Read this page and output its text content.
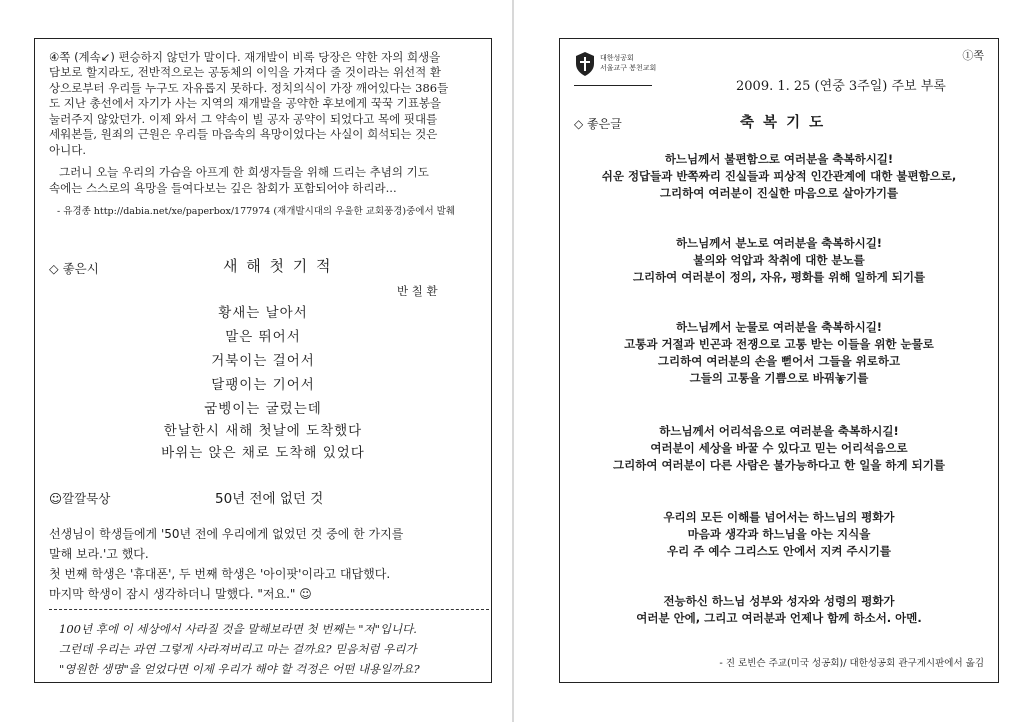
④쪽 (계속↙) 편승하지 않던가 말이다. 재개발이 비록 당장은 약한 자의 희생을
담보로 할지라도, 전반적으로는 공동체의 이익을 가져다 줄 것이라는 위선적 환
상으로부터 우리들 누구도 자유롭지 못하다. 정치의식이 가장 깨어있다는 386들
도 지난 총선에서 자기가 사는 지역의 재개발을 공약한 후보에게 꾹꾹 기표봉을
눌러주지 않았던가. 이제 와서 그 약속이 빌 공자 공약이 되었다고 목에 핏대를
세워본들, 원죄의 근원은 우리들 마음속의 욕망이었다는 사실이 희석되는 것은
아니다.
그러니 오늘 우리의 가슴을 아프게 한 희생자들을 위해 드리는 추념의 기도
속에는 스스로의 욕망을 들여다보는 깊은 참회가 포함되어야 하리라...
- 유경종 http://dabia.net/xe/paperbox/177974 (재개발시대의 우울한 교회풍경)중에서 발췌
◇ 좋은시	새 해 첫 기 적
반 칠 환
황새는 날아서
말은 뛰어서
거북이는 걸어서
달팽이는 기어서
굼벵이는 굴렀는데
한날한시 새해 첫날에 도착했다
바위는 앉은 채로 도착해 있었다
☺깔깔묵상	50년 전에 없던 것
선생님이 학생들에게 '50년 전에 우리에게 없었던 것 중에 한 가지를
말해 보라.'고 했다.
첫 번째 학생은 '휴대폰', 두 번째 학생은 '아이팟'이라고 대답했다.
마지막 학생이 잠시 생각하더니 말했다. "저요." ☺
100년 후에 이 세상에서 사라질 것을 말해보라면 첫 번째는 "저"입니다.
그런데 우리는 과연 그렇게 사라져버리고 마는 걸까요? 믿음처럼 우리가
"영원한 생명"을 얻었다면 이제 우리가 해야 할 걱정은 어떤 내용일까요?
①쪽
대한성공회
서울교구 봉천교회
2009. 1. 25 (연중 3주일) 주보 부록
◇ 좋은글	축 복 기 도
하느님께서 불편함으로 여러분을 축복하시길!
쉬운 정답들과 반쪽짜리 진실들과 피상적 인간관계에 대한 불편함으로,
그리하여 여러분이 진실한 마음으로 살아가기를
하느님께서 분노로 여러분을 축복하시길!
불의와 억압과 착취에 대한 분노를
그리하여 여러분이 정의, 자유, 평화를 위해 일하게 되기를
하느님께서 눈물로 여러분을 축복하시길!
고통과 거절과 빈곤과 전쟁으로 고통 받는 이들을 위한 눈물로
그리하여 여러분의 손을 뻗어서 그들을 위로하고
그들의 고통을 기쁨으로 바꿔놓기를
하느님께서 어리석음으로 여러분을 축복하시길!
여러분이 세상을 바꿀 수 있다고 믿는 어리석음으로
그리하여 여러분이 다른 사람은 불가능하다고 한 일을 하게 되기를
우리의 모든 이해를 넘어서는 하느님의 평화가
마음과 생각과 하느님을 아는 지식을
우리 주 예수 그리스도 안에서 지켜 주시기를
전능하신 하느님 성부와 성자와 성령의 평화가
여러분 안에, 그리고 여러분과 언제나 함께 하소서. 아멘.
- 진 로빈슨 주교(미국 성공회)/ 대한성공회 관구게시판에서 옮김
